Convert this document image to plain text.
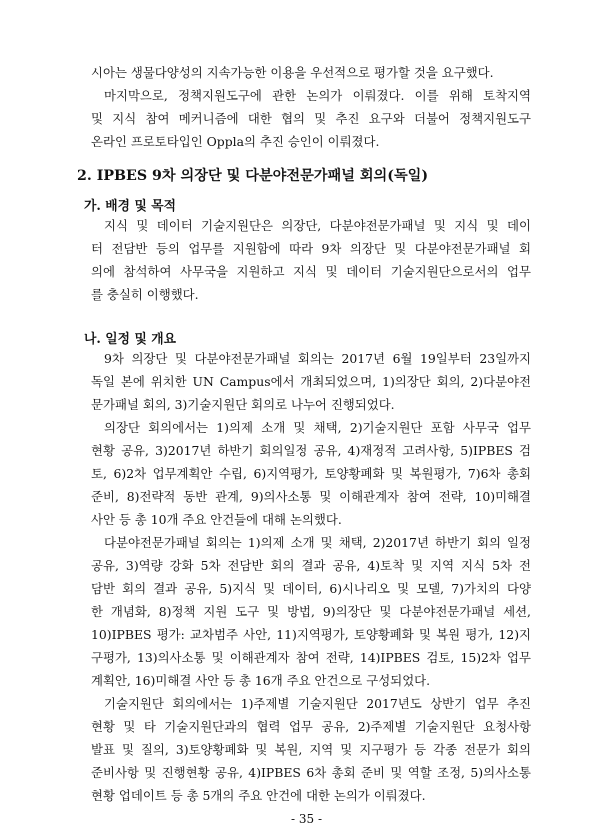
시아는 생물다양성의 지속가능한 이용을 우선적으로 평가할 것을 요구했다.
마지막으로, 정책지원도구에 관한 논의가 이뤄졌다. 이를 위해 토착지역
및 지식 참여 메커니즘에 대한 협의 및 추진 요구와 더불어 정책지원도구
온라인 프로토타입인 Oppla의 추진 승인이 이뤄졌다.
2. IPBES 9차 의장단 및 다분야전문가패널 회의(독일)
가. 배경 및 목적
지식 및 데이터 기술지원단은 의장단, 다분야전문가패널 및 지식 및 데이
터 전담반 등의 업무를 지원함에 따라 9차 의장단 및 다분야전문가패널 회
의에 참석하여 사무국을 지원하고 지식 및 데이터 기술지원단으로서의 업무
를 충실히 이행했다.
나. 일정 및 개요
9차 의장단 및 다분야전문가패널 회의는 2017년 6월 19일부터 23일까지
독일 본에 위치한 UN Campus에서 개최되었으며, 1)의장단 회의, 2)다분야전
문가패널 회의, 3)기술지원단 회의로 나누어 진행되었다.
의장단 회의에서는 1)의제 소개 및 채택, 2)기술지원단 포함 사무국 업무
현황 공유, 3)2017년 하반기 회의일정 공유, 4)재정적 고려사항, 5)IPBES 검
토, 6)2차 업무계획안 수립, 6)지역평가, 토양황폐화 및 복원평가, 7)6차 총회
준비, 8)전략적 동반 관계, 9)의사소통 및 이해관계자 참여 전략, 10)미해결
사안 등 총 10개 주요 안건들에 대해 논의했다.
다분야전문가패널 회의는 1)의제 소개 및 채택, 2)2017년 하반기 회의 일정
공유, 3)역량 강화 5차 전담반 회의 결과 공유, 4)토착 및 지역 지식 5차 전
담반 회의 결과 공유, 5)지식 및 데이터, 6)시나리오 및 모델, 7)가치의 다양
한 개념화, 8)정책 지원 도구 및 방법, 9)의장단 및 다분야전문가패널 세션,
10)IPBES 평가: 교차범주 사안, 11)지역평가, 토양황폐화 및 복원 평가, 12)지
구평가, 13)의사소통 및 이해관계자 참여 전략, 14)IPBES 검토, 15)2차 업무
계획안, 16)미해결 사안 등 총 16개 주요 안건으로 구성되었다.
기술지원단 회의에서는 1)주제별 기술지원단 2017년도 상반기 업무 추진
현황 및 타 기술지원단과의 협력 업무 공유, 2)주제별 기술지원단 요청사항
발표 및 질의, 3)토양황폐화 및 복원, 지역 및 지구평가 등 각종 전문가 회의
준비사항 및 진행현황 공유, 4)IPBES 6차 총회 준비 및 역할 조정, 5)의사소통
현황 업데이트 등 총 5개의 주요 안건에 대한 논의가 이뤄졌다.
- 35 -
